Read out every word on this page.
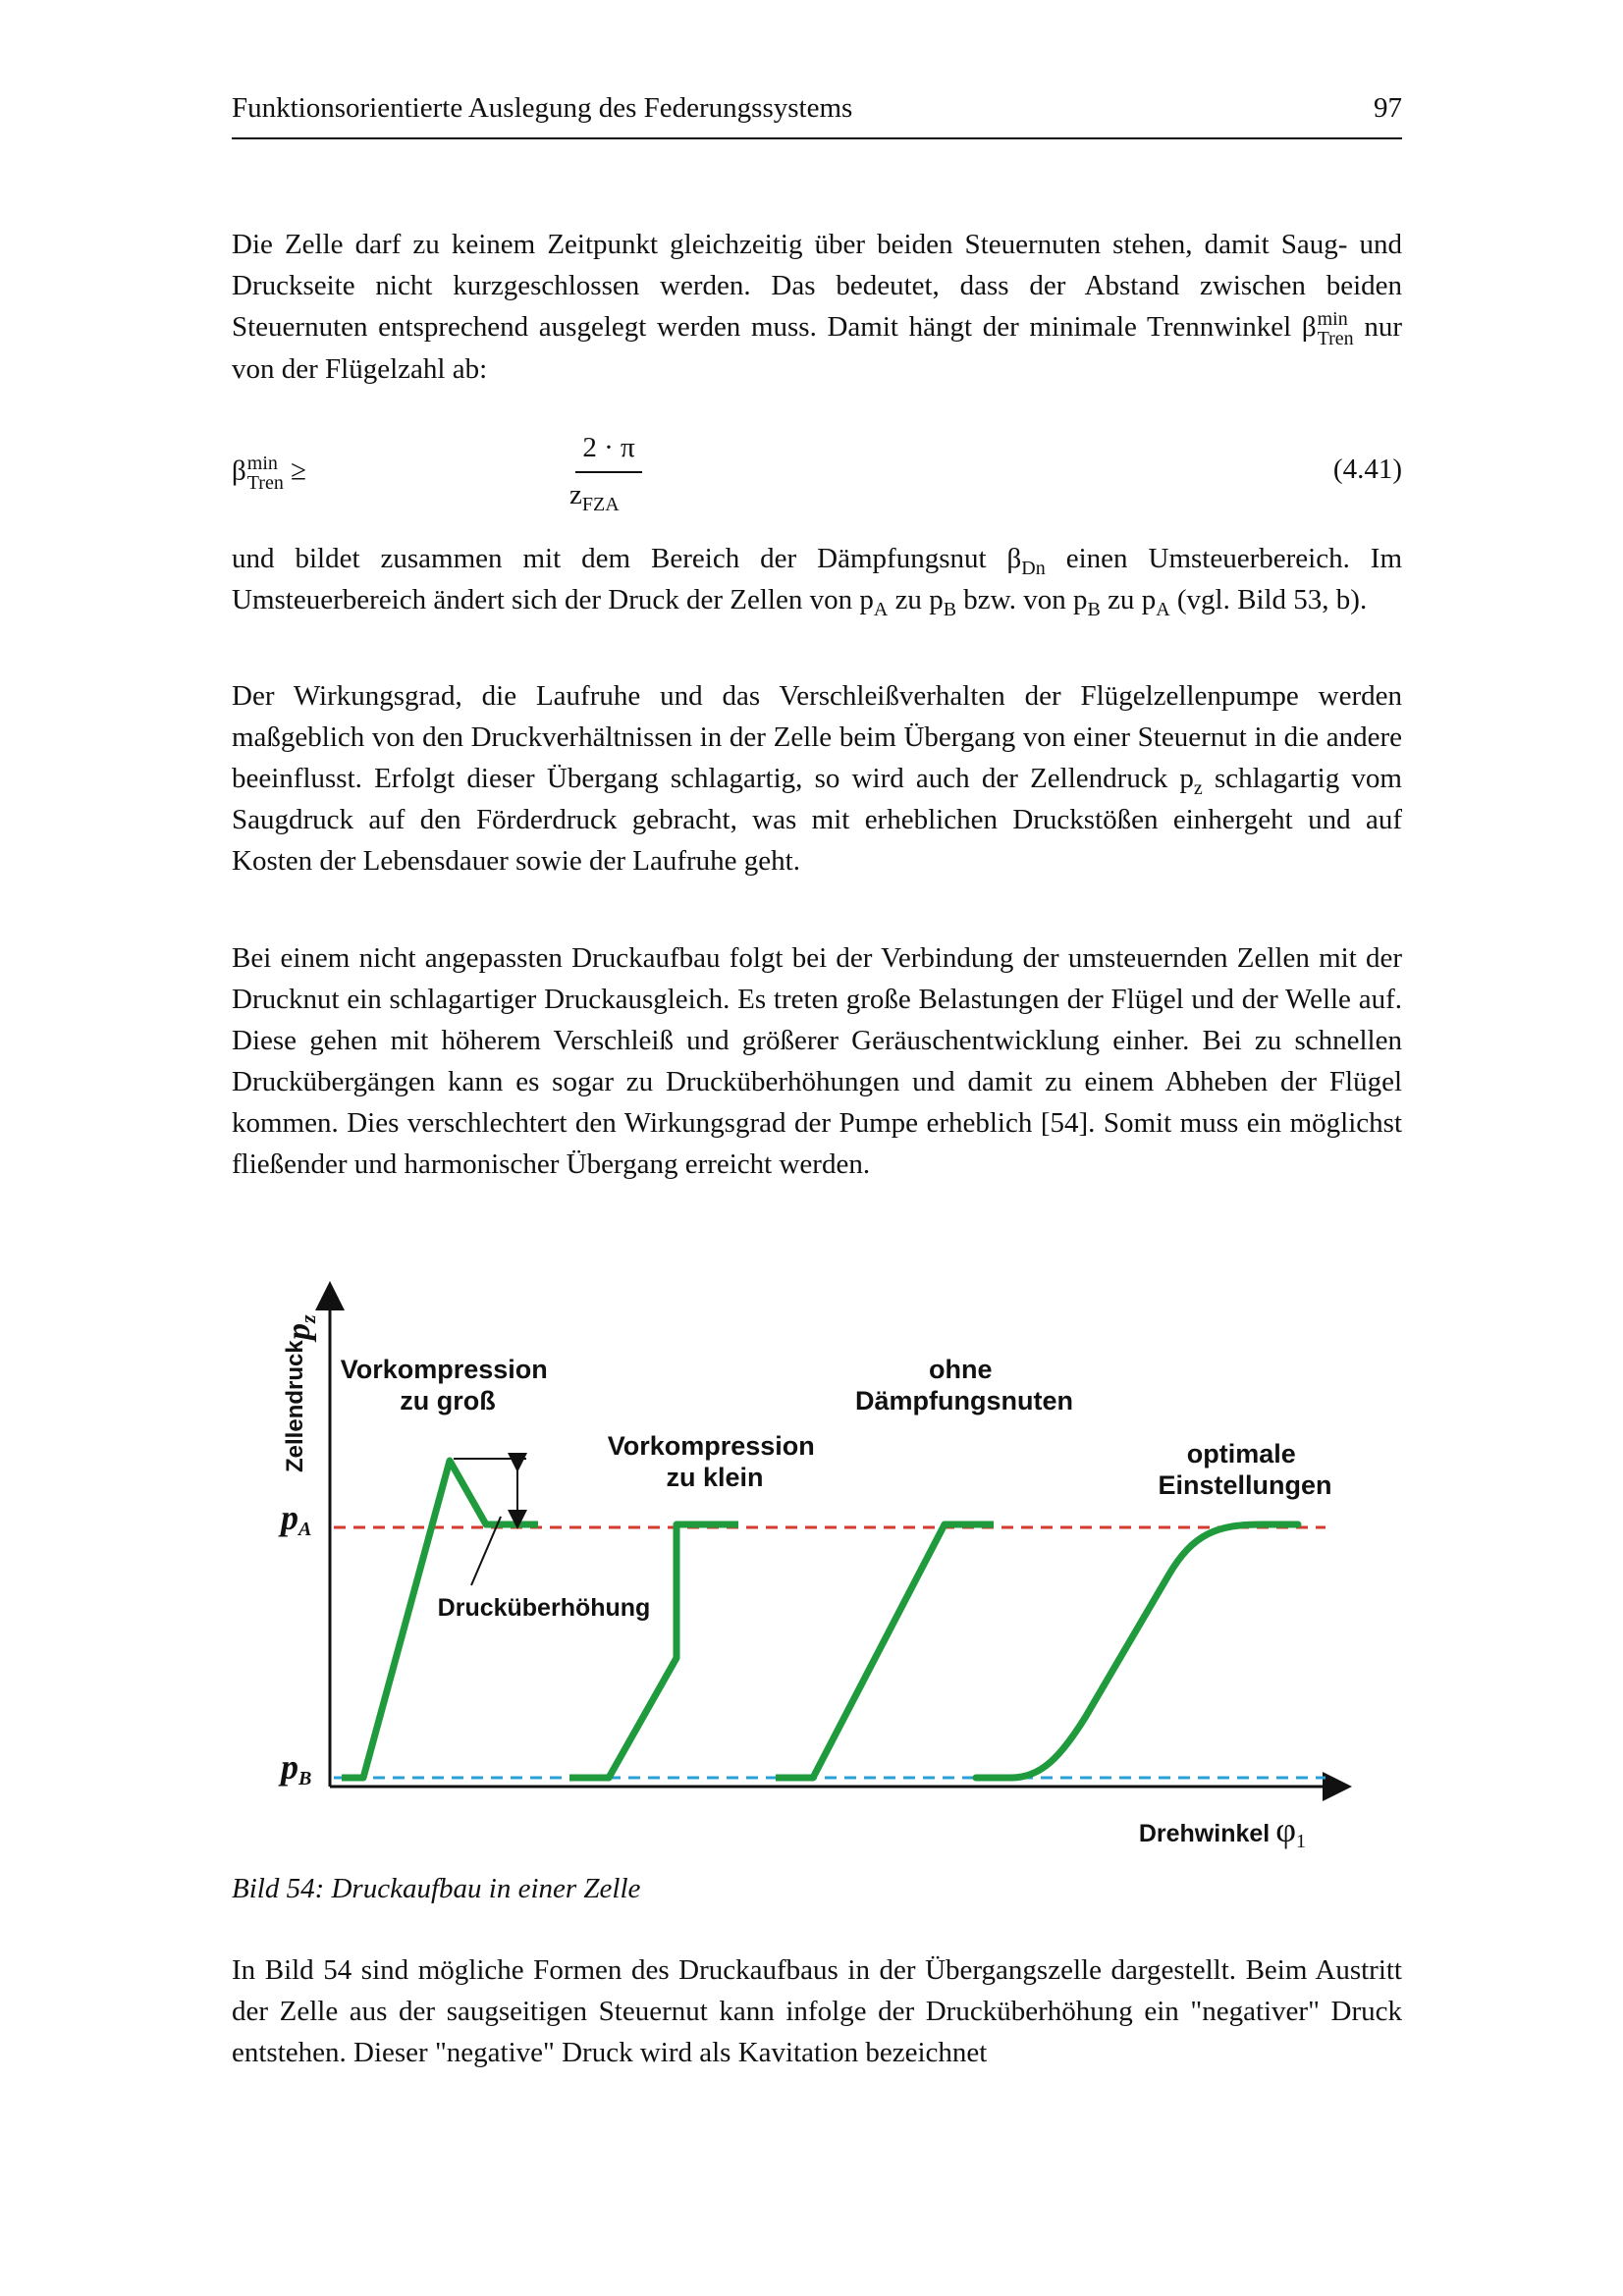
Funktionsorientierte Auslegung des Federungssystems	97

Die Zelle darf zu keinem Zeitpunkt gleichzeitig über beiden Steuernuten stehen, damit Saug- und Druckseite nicht kurzgeschlossen werden. Das bedeutet, dass der Abstand zwischen beiden Steuernuten entsprechend ausgelegt werden muss. Damit hängt der minimale Trennwinkel β min
Tren nur von der Flügelzahl ab:

β min
Tren ≥
2 · π
$z_{FZA}$
(4.41)

und bildet zusammen mit dem Bereich der Dämpfungsnut $\beta_{Dn}$ einen Umsteuerbereich. Im Umsteuerbereich ändert sich der Druck der Zellen von $p_A$ zu $p_B$ bzw. von $p_B$ zu $p_A$ (vgl. Bild 53, b).

Der Wirkungsgrad, die Laufruhe und das Verschleißverhalten der Flügelzellenpumpe werden maßgeblich von den Druckverhältnissen in der Zelle beim Übergang von einer Steuernut in die andere beeinflusst. Erfolgt dieser Übergang schlagartig, so wird auch der Zellendruck $p_z$ schlagartig vom Saugdruck auf den Förderdruck gebracht, was mit erheblichen Druckstößen einhergeht und auf Kosten der Lebensdauer sowie der Laufruhe geht.

Bei einem nicht angepassten Druckaufbau folgt bei der Verbindung der umsteuernden Zellen mit der Drucknut ein schlagartiger Druckausgleich. Es treten große Belastungen der Flügel und der Welle auf. Diese gehen mit höherem Verschleiß und größerer Geräuschentwicklung einher. Bei zu schnellen Druckübergängen kann es sogar zu Drucküberhöhungen und damit zu einem Abheben der Flügel kommen. Dies verschlechtert den Wirkungsgrad der Pumpe erheblich [54]. Somit muss ein möglichst fließender und harmonischer Übergang erreicht werden.

Zellendruck
pz
pA
pB
Vorkompression zu groß
Vorkompression zu klein
ohne Dämpfungsnuten
optimale Einstellungen
Drucküberhöhung
Drehwinkel φ1
Bild 54: Druckaufbau in einer Zelle

In Bild 54 sind mögliche Formen des Druckaufbaus in der Übergangszelle dargestellt. Beim Austritt der Zelle aus der saugseitigen Steuernut kann infolge der Drucküberhöhung ein "negativer" Druck entstehen. Dieser "negative" Druck wird als Kavitation bezeichnet
